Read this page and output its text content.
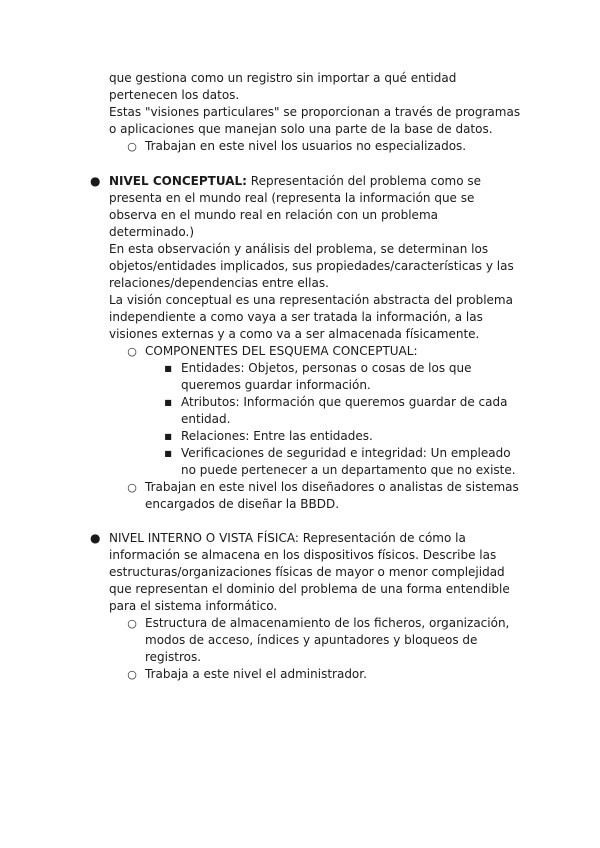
que gestiona como un registro sin importar a qué entidad
pertenecen los datos.
Estas "visiones particulares" se proporcionan a través de programas
o aplicaciones que manejan solo una parte de la base de datos.
○ Trabajan en este nivel los usuarios no especializados.
● NIVEL CONCEPTUAL: Representación del problema como se
presenta en el mundo real (representa la información que se
observa en el mundo real en relación con un problema
determinado.)
En esta observación y análisis del problema, se determinan los
objetos/entidades implicados, sus propiedades/características y las
relaciones/dependencias entre ellas.
La visión conceptual es una representación abstracta del problema
independiente a como vaya a ser tratada la información, a las
visiones externas y a como va a ser almacenada físicamente.
○ COMPONENTES DEL ESQUEMA CONCEPTUAL:
■ Entidades: Objetos, personas o cosas de los que
queremos guardar información.
■ Atributos: Información que queremos guardar de cada
entidad.
■ Relaciones: Entre las entidades.
■ Verificaciones de seguridad e integridad: Un empleado
no puede pertenecer a un departamento que no existe.
○ Trabajan en este nivel los diseñadores o analistas de sistemas
encargados de diseñar la BBDD.
● NIVEL INTERNO O VISTA FÍSICA: Representación de cómo la
información se almacena en los dispositivos físicos. Describe las
estructuras/organizaciones físicas de mayor o menor complejidad
que representan el dominio del problema de una forma entendible
para el sistema informático.
○ Estructura de almacenamiento de los ficheros, organización,
modos de acceso, índices y apuntadores y bloqueos de
registros.
○ Trabaja a este nivel el administrador.
